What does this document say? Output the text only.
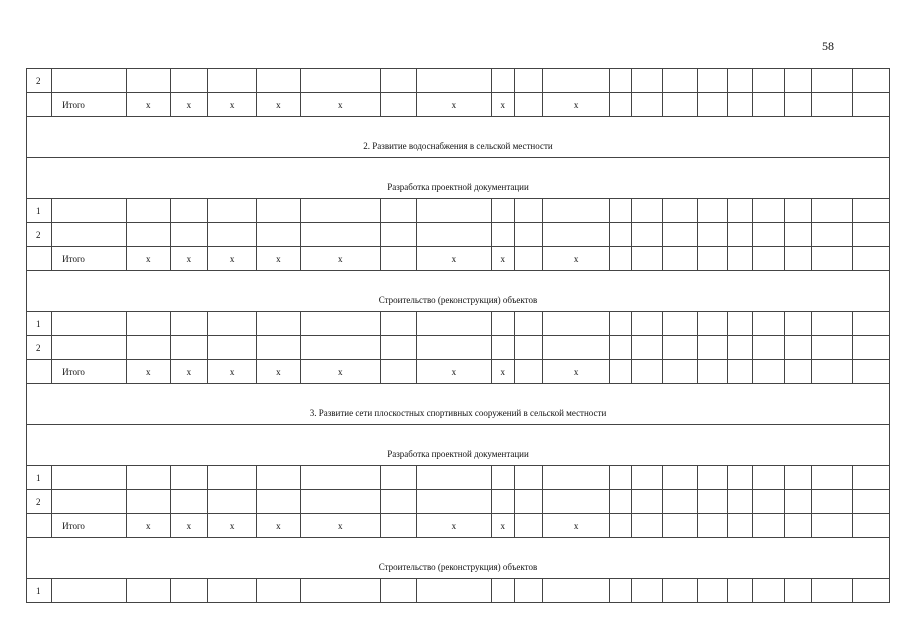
58
2																				
	Итого	x	x	x	x	x		x	x		x									
2. Развитие водоснабжения в сельской местности																				
Разработка проектной документации																				
1																				
2																				
	Итого	x	x	x	x	x		x	x		x									
Строительство (реконструкция) объектов																				
1																				
2																				
	Итого	x	x	x	x	x		x	x		x									
3. Развитие сети плоскостных спортивных сооружений в сельской местности																				
Разработка проектной документации																				
1																				
2																				
	Итого	x	x	x	x	x		x	x		x									
Строительство (реконструкция) объектов																				
1																				
